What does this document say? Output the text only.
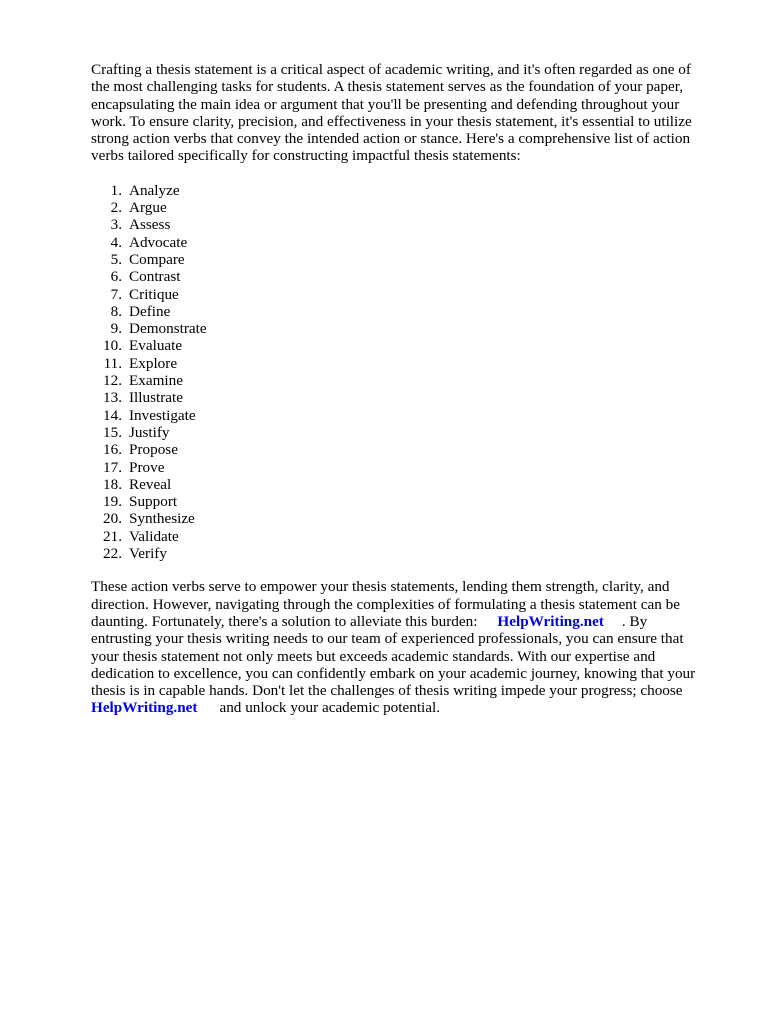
Crafting a thesis statement is a critical aspect of academic writing, and it's often regarded as one of the most challenging tasks for students. A thesis statement serves as the foundation of your paper, encapsulating the main idea or argument that you'll be presenting and defending throughout your work. To ensure clarity, precision, and effectiveness in your thesis statement, it's essential to utilize strong action verbs that convey the intended action or stance. Here's a comprehensive list of action verbs tailored specifically for constructing impactful thesis statements:

1. Analyze
2. Argue
3. Assess
4. Advocate
5. Compare
6. Contrast
7. Critique
8. Define
9. Demonstrate
10. Evaluate
11. Explore
12. Examine
13. Illustrate
14. Investigate
15. Justify
16. Propose
17. Prove
18. Reveal
19. Support
20. Synthesize
21. Validate
22. Verify

These action verbs serve to empower your thesis statements, lending them strength, clarity, and direction. However, navigating through the complexities of formulating a thesis statement can be daunting. Fortunately, there's a solution to alleviate this burden: HelpWriting.net . By entrusting your thesis writing needs to our team of experienced professionals, you can ensure that your thesis statement not only meets but exceeds academic standards. With our expertise and dedication to excellence, you can confidently embark on your academic journey, knowing that your thesis is in capable hands. Don't let the challenges of thesis writing impede your progress; choose
HelpWriting.net and unlock your academic potential.
